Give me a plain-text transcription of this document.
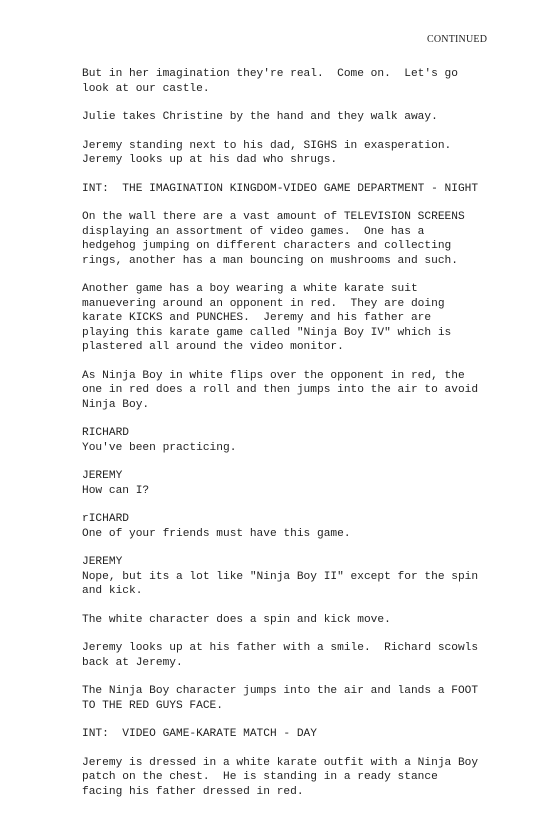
CONTINUED
But in her imagination they're real.  Come on.  Let's go
look at our castle.
Julie takes Christine by the hand and they walk away.
Jeremy standing next to his dad, SIGHS in exasperation.
Jeremy looks up at his dad who shrugs.
INT:  THE IMAGINATION KINGDOM-VIDEO GAME DEPARTMENT - NIGHT
On the wall there are a vast amount of TELEVISION SCREENS
displaying an assortment of video games.  One has a
hedgehog jumping on different characters and collecting
rings, another has a man bouncing on mushrooms and such.
Another game has a boy wearing a white karate suit
manuevering around an opponent in red.  They are doing
karate KICKS and PUNCHES.  Jeremy and his father are
playing this karate game called "Ninja Boy IV" which is
plastered all around the video monitor.
As Ninja Boy in white flips over the opponent in red, the
one in red does a roll and then jumps into the air to avoid
Ninja Boy.
RICHARD
You've been practicing.
JEREMY
How can I?
rICHARD
One of your friends must have this game.
JEREMY
Nope, but its a lot like "Ninja Boy II" except for the spin
and kick.
The white character does a spin and kick move.
Jeremy looks up at his father with a smile.  Richard scowls
back at Jeremy.
The Ninja Boy character jumps into the air and lands a FOOT
TO THE RED GUYS FACE.
INT:  VIDEO GAME-KARATE MATCH - DAY
Jeremy is dressed in a white karate outfit with a Ninja Boy
patch on the chest.  He is standing in a ready stance
facing his father dressed in red.
